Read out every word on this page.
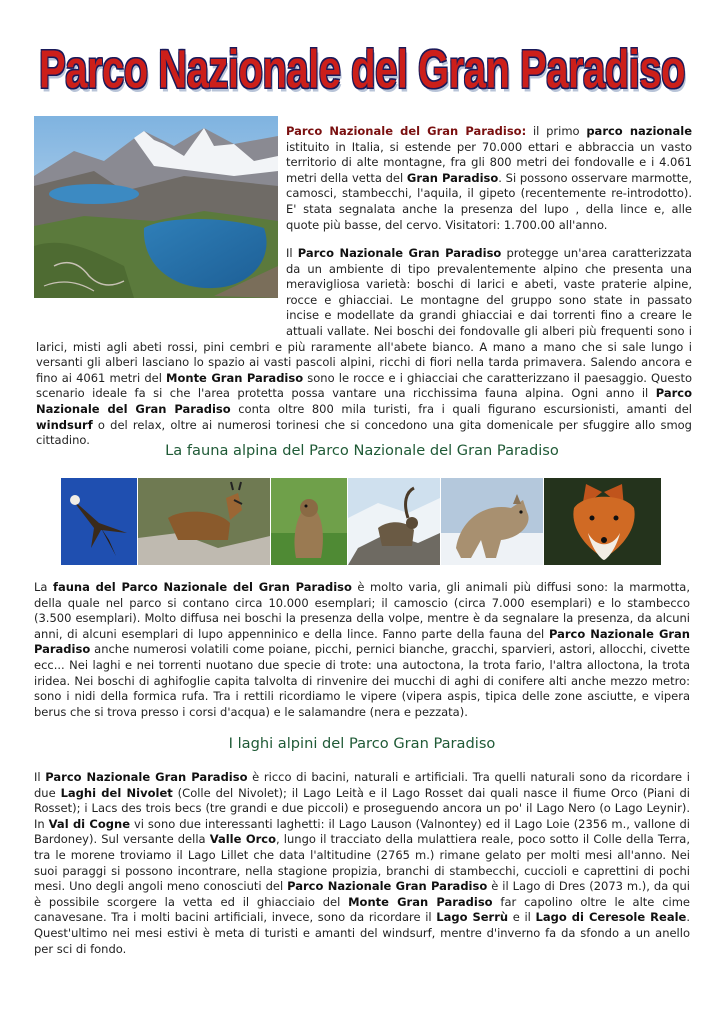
Parco Nazionale del Gran Paradiso
Parco Nazionale del Gran Paradiso: il primo parco nazionale istituito in Italia, si estende per 70.000 ettari e abbraccia un vasto territorio di alte montagne, fra gli 800 metri dei fondovalle e i 4.061 metri della vetta del Gran Paradiso. Si possono osservare marmotte, camosci, stambecchi, l'aquila, il gipeto (recentemente re-introdotto). E' stata segnalata anche la presenza del lupo , della lince e, alle quote più basse, del cervo. Visitatori: 1.700.00 all'anno.
Il Parco Nazionale Gran Paradiso protegge un'area caratterizzata da un ambiente di tipo prevalentemente alpino che presenta una meravigliosa varietà: boschi di larici e abeti, vaste praterie alpine, rocce e ghiacciai. Le montagne del gruppo sono state in passato incise e modellate da grandi ghiacciai e dai torrenti fino a creare le attuali vallate. Nei boschi dei fondovalle gli alberi più frequenti sono i larici, misti agli abeti rossi, pini cembri e più raramente all'abete bianco. A mano a mano che si sale lungo i versanti gli alberi lasciano lo spazio ai vasti pascoli alpini, ricchi di fiori nella tarda primavera. Salendo ancora e fino ai 4061 metri del Monte Gran Paradiso sono le rocce e i ghiacciai che caratterizzano il paesaggio. Questo scenario ideale fa si che l'area protetta possa vantare una ricchissima fauna alpina. Ogni anno il Parco Nazionale del Gran Paradiso conta oltre 800 mila turisti, fra i quali figurano escursionisti, amanti del windsurf o del relax, oltre ai numerosi torinesi che si concedono una gita domenicale per sfuggire allo smog cittadino.
La fauna alpina del Parco Nazionale del Gran Paradiso
La fauna del Parco Nazionale del Gran Paradiso è molto varia, gli animali più diffusi sono: la marmotta, della quale nel parco si contano circa 10.000 esemplari; il camoscio (circa 7.000 esemplari) e lo stambecco (3.500 esemplari). Molto diffusa nei boschi la presenza della volpe, mentre è da segnalare la presenza, da alcuni anni, di alcuni esemplari di lupo appenninico e della lince. Fanno parte della fauna del Parco Nazionale Gran Paradiso anche numerosi volatili come poiane, picchi, pernici bianche, gracchi, sparvieri, astori, allocchi, civette ecc... Nei laghi e nei torrenti nuotano due specie di trote: una autoctona, la trota fario, l'altra alloctona, la trota iridea. Nei boschi di aghifoglie capita talvolta di rinvenire dei mucchi di aghi di conifere alti anche mezzo metro: sono i nidi della formica rufa. Tra i rettili ricordiamo le vipere (vipera aspis, tipica delle zone asciutte, e vipera berus che si trova presso i corsi d'acqua) e le salamandre (nera e pezzata).
I laghi alpini del Parco Gran Paradiso
Il Parco Nazionale Gran Paradiso è ricco di bacini, naturali e artificiali. Tra quelli naturali sono da ricordare i due Laghi del Nivolet (Colle del Nivolet); il Lago Leità e il Lago Rosset dai quali nasce il fiume Orco (Piani di Rosset); i Lacs des trois becs (tre grandi e due piccoli) e proseguendo ancora un po' il Lago Nero (o Lago Leynir). In Val di Cogne vi sono due interessanti laghetti: il Lago Lauson (Valnontey) ed il Lago Loie (2356 m., vallone di Bardoney). Sul versante della Valle Orco, lungo il tracciato della mulattiera reale, poco sotto il Colle della Terra, tra le morene troviamo il Lago Lillet che data l'altitudine (2765 m.) rimane gelato per molti mesi all'anno. Nei suoi paraggi si possono incontrare, nella stagione propizia, branchi di stambecchi, cuccioli e caprettini di pochi mesi. Uno degli angoli meno conosciuti del Parco Nazionale Gran Paradiso è il Lago di Dres (2073 m.), da qui è possibile scorgere la vetta ed il ghiacciaio del Monte Gran Paradiso far capolino oltre le alte cime canavesane. Tra i molti bacini artificiali, invece, sono da ricordare il Lago Serrù e il Lago di Ceresole Reale. Quest'ultimo nei mesi estivi è meta di turisti e amanti del windsurf, mentre d'inverno fa da sfondo a un anello per sci di fondo.
